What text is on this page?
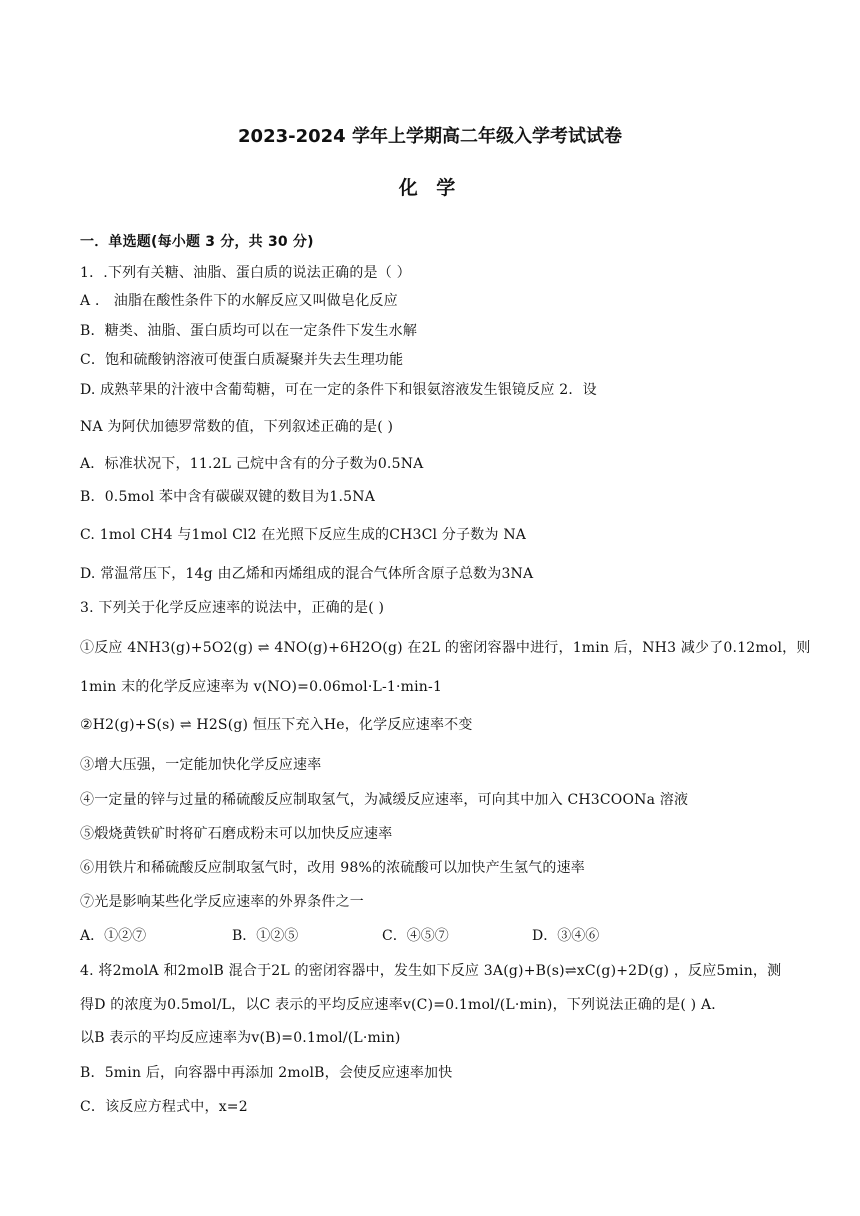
2023-2024 学年上学期高二年级入学考试试卷
化 学
一．单选题(每小题 3 分，共 30 分)
1．.下列有关糖、油脂、蛋白质的说法正确的是（ ）
A ． 油脂在酸性条件下的水解反应又叫做皂化反应
B．糖类、油脂、蛋白质均可以在一定条件下发生水解
C．饱和硫酸钠溶液可使蛋白质凝聚并失去生理功能
D. 成熟苹果的汁液中含葡萄糖，可在一定的条件下和银氨溶液发生银镜反应 2．设
NA 为阿伏加德罗常数的值，下列叙述正确的是( )
A．标准状况下，11.2L 己烷中含有的分子数为0.5NA
B．0.5mol 苯中含有碳碳双键的数目为1.5NA
C. 1mol CH4 与1mol Cl2 在光照下反应生成的CH3Cl 分子数为 NA
D. 常温常压下，14g 由乙烯和丙烯组成的混合气体所含原子总数为3NA
3. 下列关于化学反应速率的说法中，正确的是( )
①反应 4NH3(g)+5O2(g) ⇌ 4NO(g)+6H2O(g) 在2L 的密闭容器中进行，1min 后，NH3 减少了0.12mol，则
1min 末的化学反应速率为 v(NO)=0.06mol·L-1·min-1
②H2(g)+S(s) ⇌ H2S(g) 恒压下充入He，化学反应速率不变
③增大压强，一定能加快化学反应速率
④一定量的锌与过量的稀硫酸反应制取氢气，为减缓反应速率，可向其中加入 CH3COONa 溶液
⑤煅烧黄铁矿时将矿石磨成粉末可以加快反应速率
⑥用铁片和稀硫酸反应制取氢气时，改用 98%的浓硫酸可以加快产生氢气的速率
⑦光是影响某些化学反应速率的外界条件之一
A．①②⑦	B．①②⑤	C．④⑤⑦	D．③④⑥
4. 将2molA 和2molB 混合于2L 的密闭容器中，发生如下反应 3A(g)+B(s)⇌xC(g)+2D(g) ，反应5min，测
得D 的浓度为0.5mol/L，以C 表示的平均反应速率v(C)=0.1mol/(L·min)，下列说法正确的是( ) A．
以B 表示的平均反应速率为v(B)=0.1mol/(L·min)
B．5min 后，向容器中再添加 2molB，会使反应速率加快
C．该反应方程式中，x=2
